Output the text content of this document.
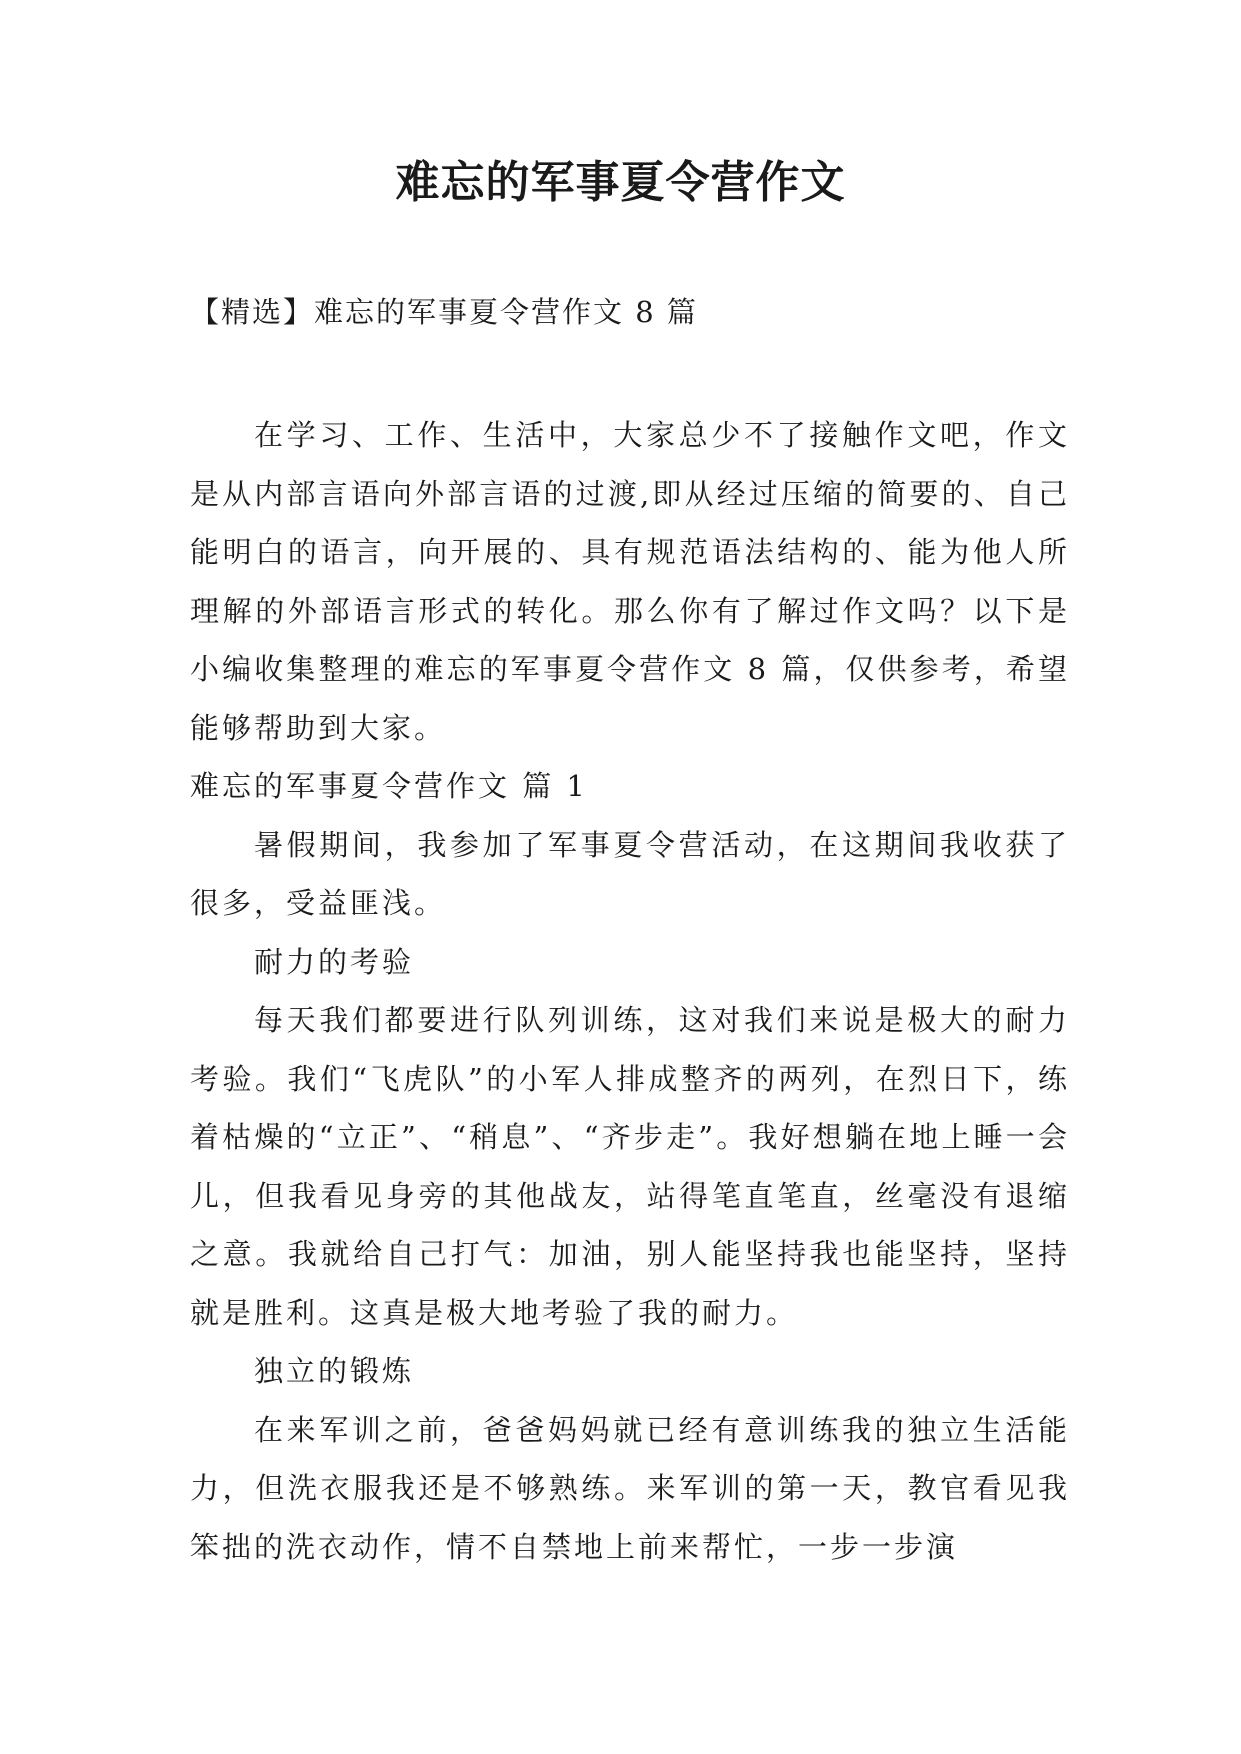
难忘的军事夏令营作文

【精选】难忘的军事夏令营作文 8 篇

在学习、工作、生活中，大家总少不了接触作文吧，作文是从内部言语向外部言语的过渡,即从经过压缩的简要的、自己能明白的语言，向开展的、具有规范语法结构的、能为他人所理解的外部语言形式的转化。那么你有了解过作文吗？以下是小编收集整理的难忘的军事夏令营作文 8 篇，仅供参考，希望能够帮助到大家。

难忘的军事夏令营作文 篇 1

暑假期间，我参加了军事夏令营活动，在这期间我收获了很多，受益匪浅。

耐力的考验

每天我们都要进行队列训练，这对我们来说是极大的耐力考验。我们“飞虎队”的小军人排成整齐的两列，在烈日下，练着枯燥的“立正”、“稍息”、“齐步走”。我好想躺在地上睡一会儿，但我看见身旁的其他战友，站得笔直笔直，丝毫没有退缩之意。我就给自己打气：加油，别人能坚持我也能坚持，坚持就是胜利。这真是极大地考验了我的耐力。

独立的锻炼

在来军训之前，爸爸妈妈就已经有意训练我的独立生活能力，但洗衣服我还是不够熟练。来军训的第一天，教官看见我笨拙的洗衣动作，情不自禁地上前来帮忙，一步一步演
